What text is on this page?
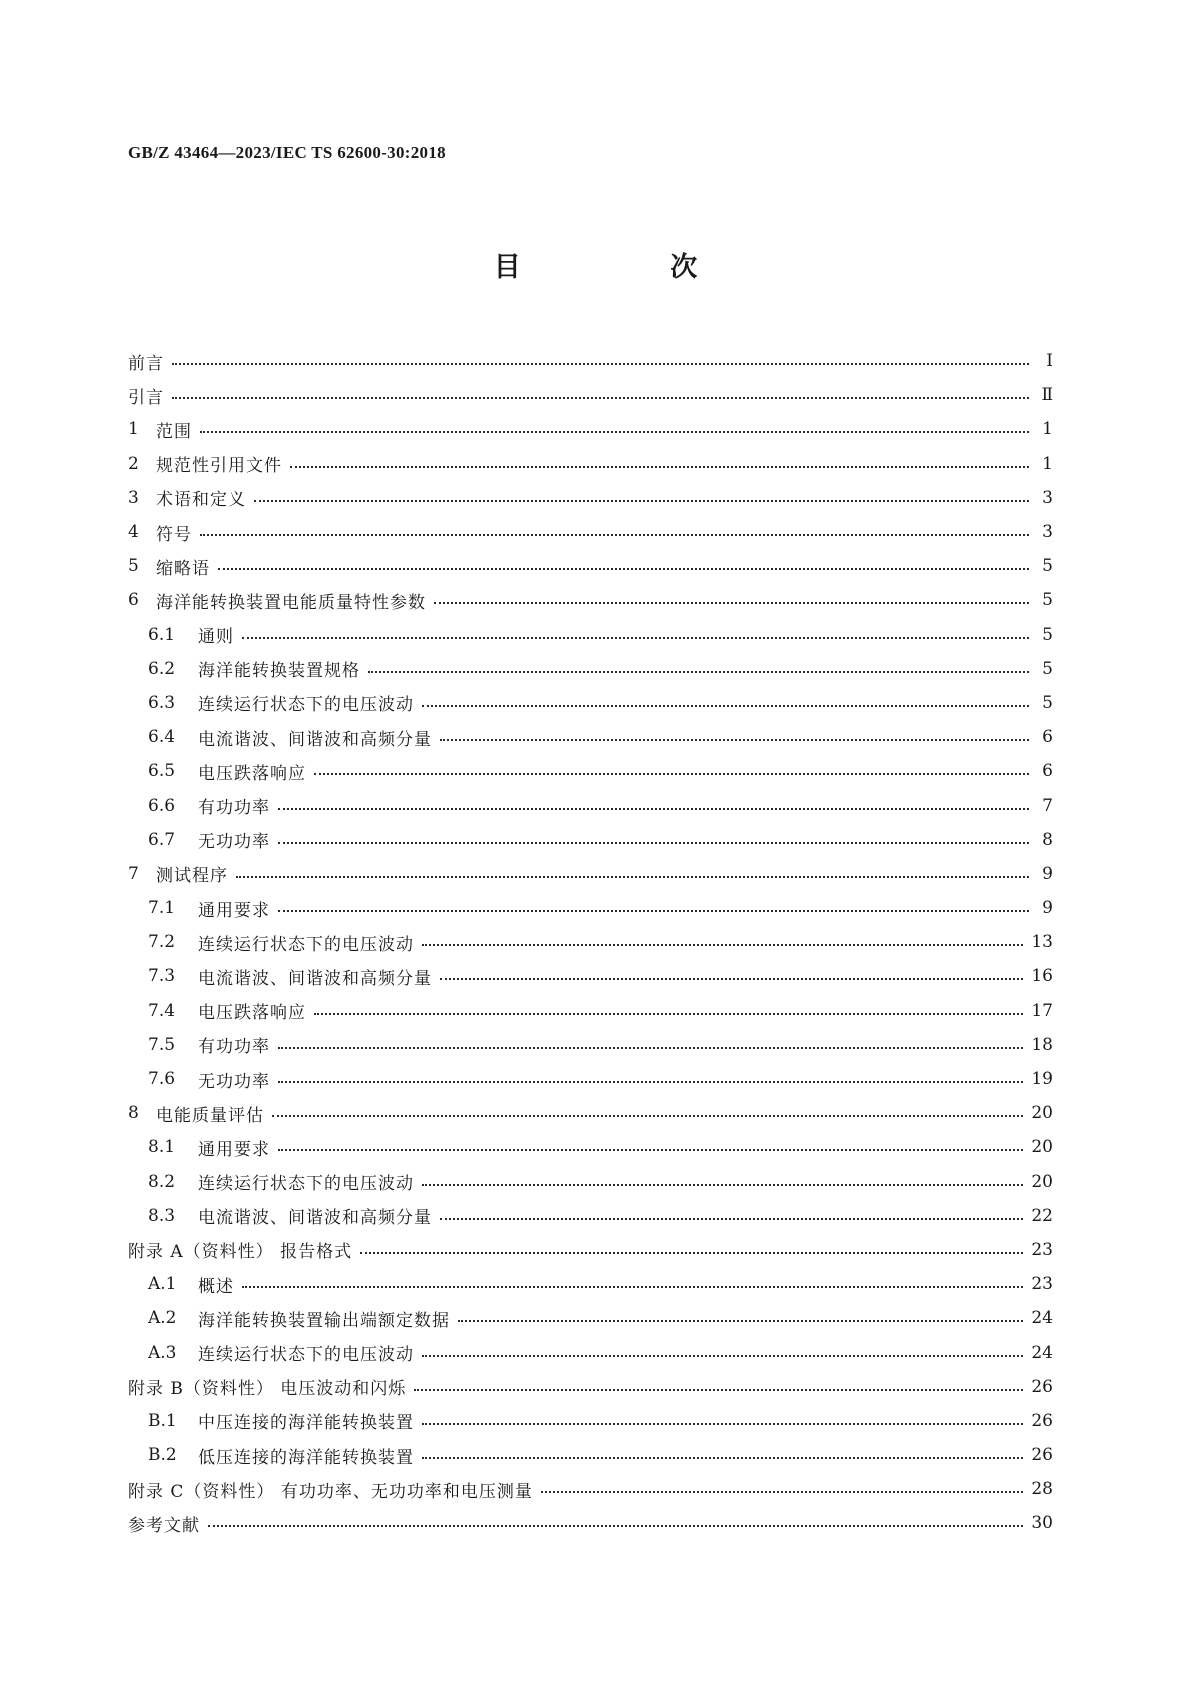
GB/Z 43464—2023/IEC TS 62600-30:2018
目 次
前言	Ⅰ
引言	Ⅱ
1	范围	1
2	规范性引用文件	1
3	术语和定义	3
4	符号	3
5	缩略语	5
6	海洋能转换装置电能质量特性参数	5
6.1	通则	5
6.2	海洋能转换装置规格	5
6.3	连续运行状态下的电压波动	5
6.4	电流谐波、间谐波和高频分量	6
6.5	电压跌落响应	6
6.6	有功功率	7
6.7	无功功率	8
7	测试程序	9
7.1	通用要求	9
7.2	连续运行状态下的电压波动	13
7.3	电流谐波、间谐波和高频分量	16
7.4	电压跌落响应	17
7.5	有功功率	18
7.6	无功功率	19
8	电能质量评估	20
8.1	通用要求	20
8.2	连续运行状态下的电压波动	20
8.3	电流谐波、间谐波和高频分量	22
附录 A（资料性） 报告格式	23
A.1	概述	23
A.2	海洋能转换装置输出端额定数据	24
A.3	连续运行状态下的电压波动	24
附录 B（资料性） 电压波动和闪烁	26
B.1	中压连接的海洋能转换装置	26
B.2	低压连接的海洋能转换装置	26
附录 C（资料性） 有功功率、无功功率和电压测量	28
参考文献	30
